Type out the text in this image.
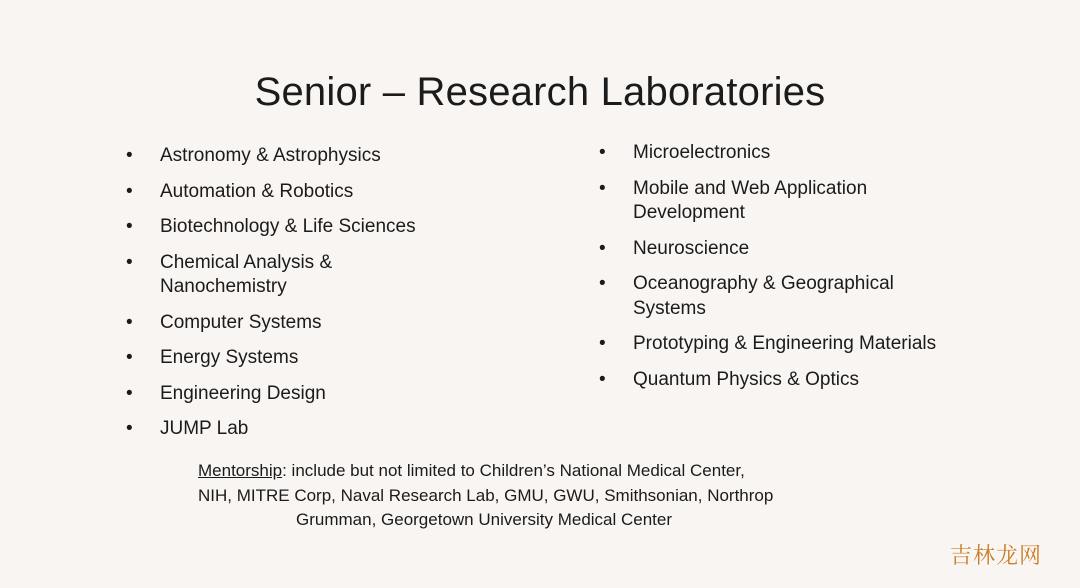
Senior – Research Laboratories
• Astronomy & Astrophysics
• Automation & Robotics
• Biotechnology & Life Sciences
• Chemical Analysis & Nanochemistry
• Computer Systems
• Energy Systems
• Engineering Design
• JUMP Lab
• Microelectronics
• Mobile and Web Application Development
• Neuroscience
• Oceanography & Geographical Systems
• Prototyping & Engineering Materials
• Quantum Physics & Optics
Mentorship: include but not limited to Children’s National Medical Center,
NIH, MITRE Corp, Naval Research Lab, GMU, GWU, Smithsonian, Northrop
Grumman, Georgetown University Medical Center
吉林龙网
